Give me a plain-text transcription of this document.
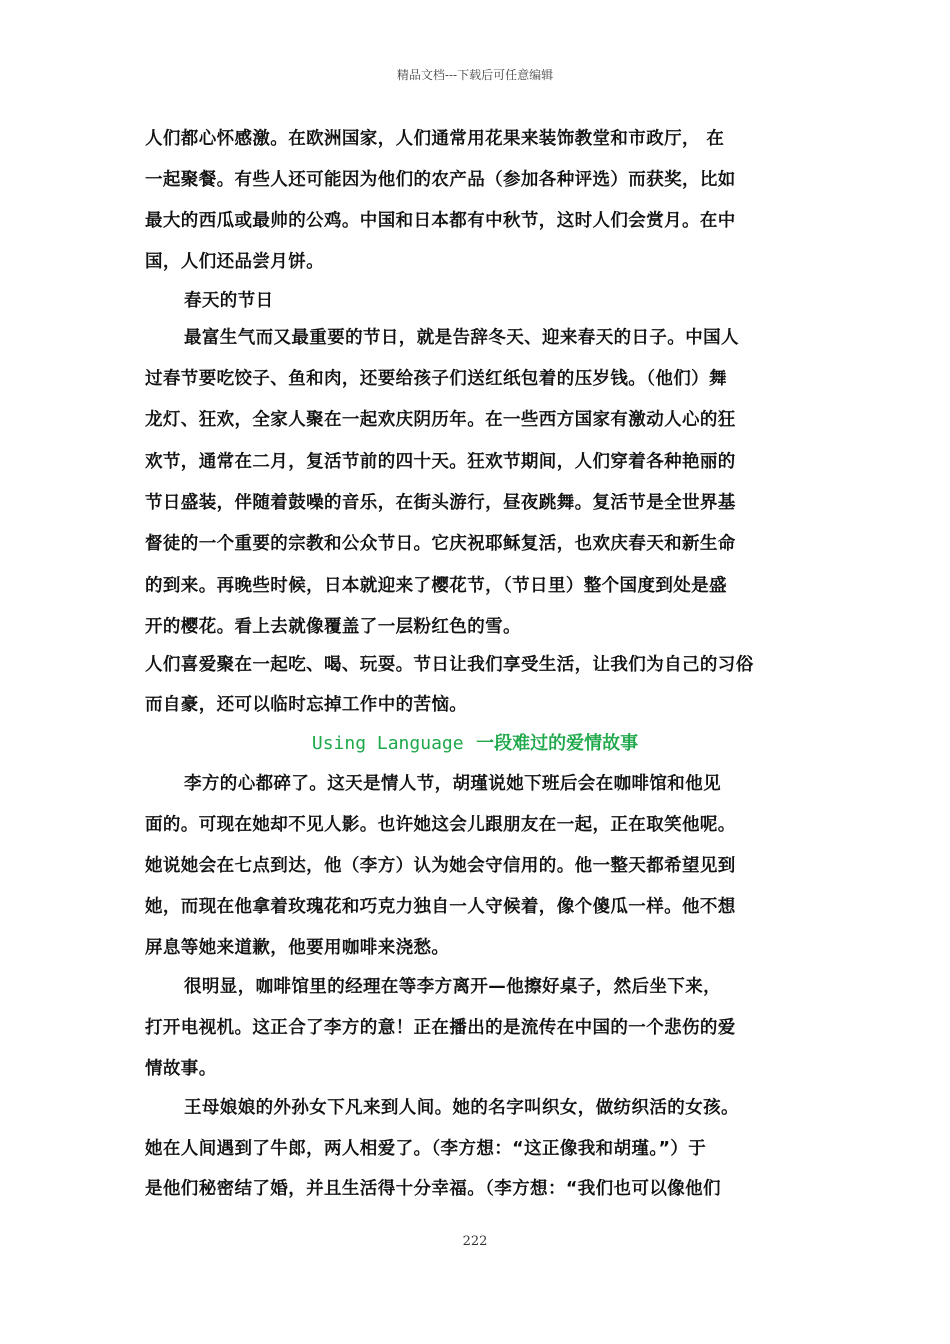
精品文档---下载后可任意编辑
人们都心怀感激。在欧洲国家，人们通常用花果来装饰教堂和市政厅， 在
一起聚餐。有些人还可能因为他们的农产品（参加各种评选）而获奖，比如
最大的西瓜或最帅的公鸡。中国和日本都有中秋节，这时人们会赏月。在中
国，人们还品尝月饼。
春天的节日
最富生气而又最重要的节日，就是告辞冬天、迎来春天的日子。中国人
过春节要吃饺子、鱼和肉，还要给孩子们送红纸包着的压岁钱。（他们）舞
龙灯、狂欢，全家人聚在一起欢庆阴历年。在一些西方国家有激动人心的狂
欢节，通常在二月，复活节前的四十天。狂欢节期间，人们穿着各种艳丽的
节日盛装，伴随着鼓噪的音乐，在街头游行，昼夜跳舞。复活节是全世界基
督徒的一个重要的宗教和公众节日。它庆祝耶稣复活，也欢庆春天和新生命
的到来。再晚些时候，日本就迎来了樱花节，（节日里）整个国度到处是盛
开的樱花。看上去就像覆盖了一层粉红色的雪。
人们喜爱聚在一起吃、喝、玩耍。节日让我们享受生活，让我们为自己的习俗
而自豪，还可以临时忘掉工作中的苦恼。
Using Language  一段难过的爱情故事
李方的心都碎了。这天是情人节，胡瑾说她下班后会在咖啡馆和他见
面的。可现在她却不见人影。也许她这会儿跟朋友在一起，正在取笑他呢。
她说她会在七点到达，他（李方）认为她会守信用的。他一整天都希望见到
她，而现在他拿着玫瑰花和巧克力独自一人守候着，像个傻瓜一样。他不想
屏息等她来道歉，他要用咖啡来浇愁。
很明显，咖啡馆里的经理在等李方离开—他擦好桌子，然后坐下来，
打开电视机。这正合了李方的意！正在播出的是流传在中国的一个悲伤的爱
情故事。
王母娘娘的外孙女下凡来到人间。她的名字叫织女，做纺织活的女孩。
她在人间遇到了牛郎，两人相爱了。（李方想：“这正像我和胡瑾。”）于
是他们秘密结了婚，并且生活得十分幸福。（李方想：“我们也可以像他们
222
